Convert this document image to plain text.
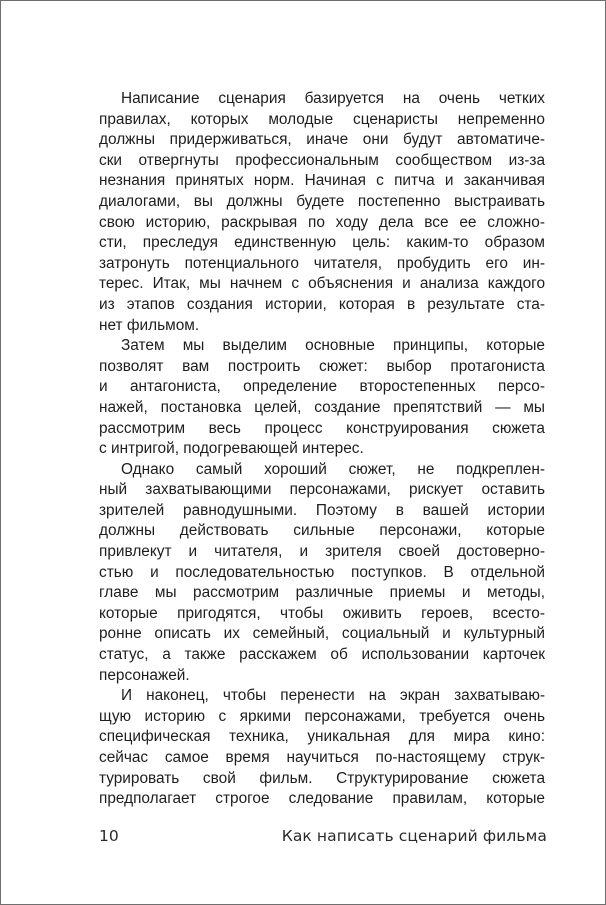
Написание сценария базируется на очень четких
правилах, которых молодые сценаристы непременно
должны придерживаться, иначе они будут автоматиче-
ски отвергнуты профессиональным сообществом из-за
незнания принятых норм. Начиная с питча и заканчивая
диалогами, вы должны будете постепенно выстраивать
свою историю, раскрывая по ходу дела все ее сложно-
сти, преследуя единственную цель: каким-то образом
затронуть потенциального читателя, пробудить его ин-
терес. Итак, мы начнем с объяснения и анализа каждого
из этапов создания истории, которая в результате ста-
нет фильмом.

Затем мы выделим основные принципы, которые
позволят вам построить сюжет: выбор протагониста
и антагониста, определение второстепенных персо-
нажей, постановка целей, создание препятствий — мы
рассмотрим весь процесс конструирования сюжета
с интригой, подогревающей интерес.

Однако самый хороший сюжет, не подкреплен-
ный захватывающими персонажами, рискует оставить
зрителей равнодушными. Поэтому в вашей истории
должны действовать сильные персонажи, которые
привлекут и читателя, и зрителя своей достоверно-
стью и последовательностью поступков. В отдельной
главе мы рассмотрим различные приемы и методы,
которые пригодятся, чтобы оживить героев, всесто-
ронне описать их семейный, социальный и культурный
статус, а также расскажем об использовании карточек
персонажей.

И наконец, чтобы перенести на экран захватываю-
щую историю с яркими персонажами, требуется очень
специфическая техника, уникальная для мира кино:
сейчас самое время научиться по-настоящему струк-
турировать свой фильм. Структурирование сюжета
предполагает строгое следование правилам, которые

10	Как написать сценарий фильма
